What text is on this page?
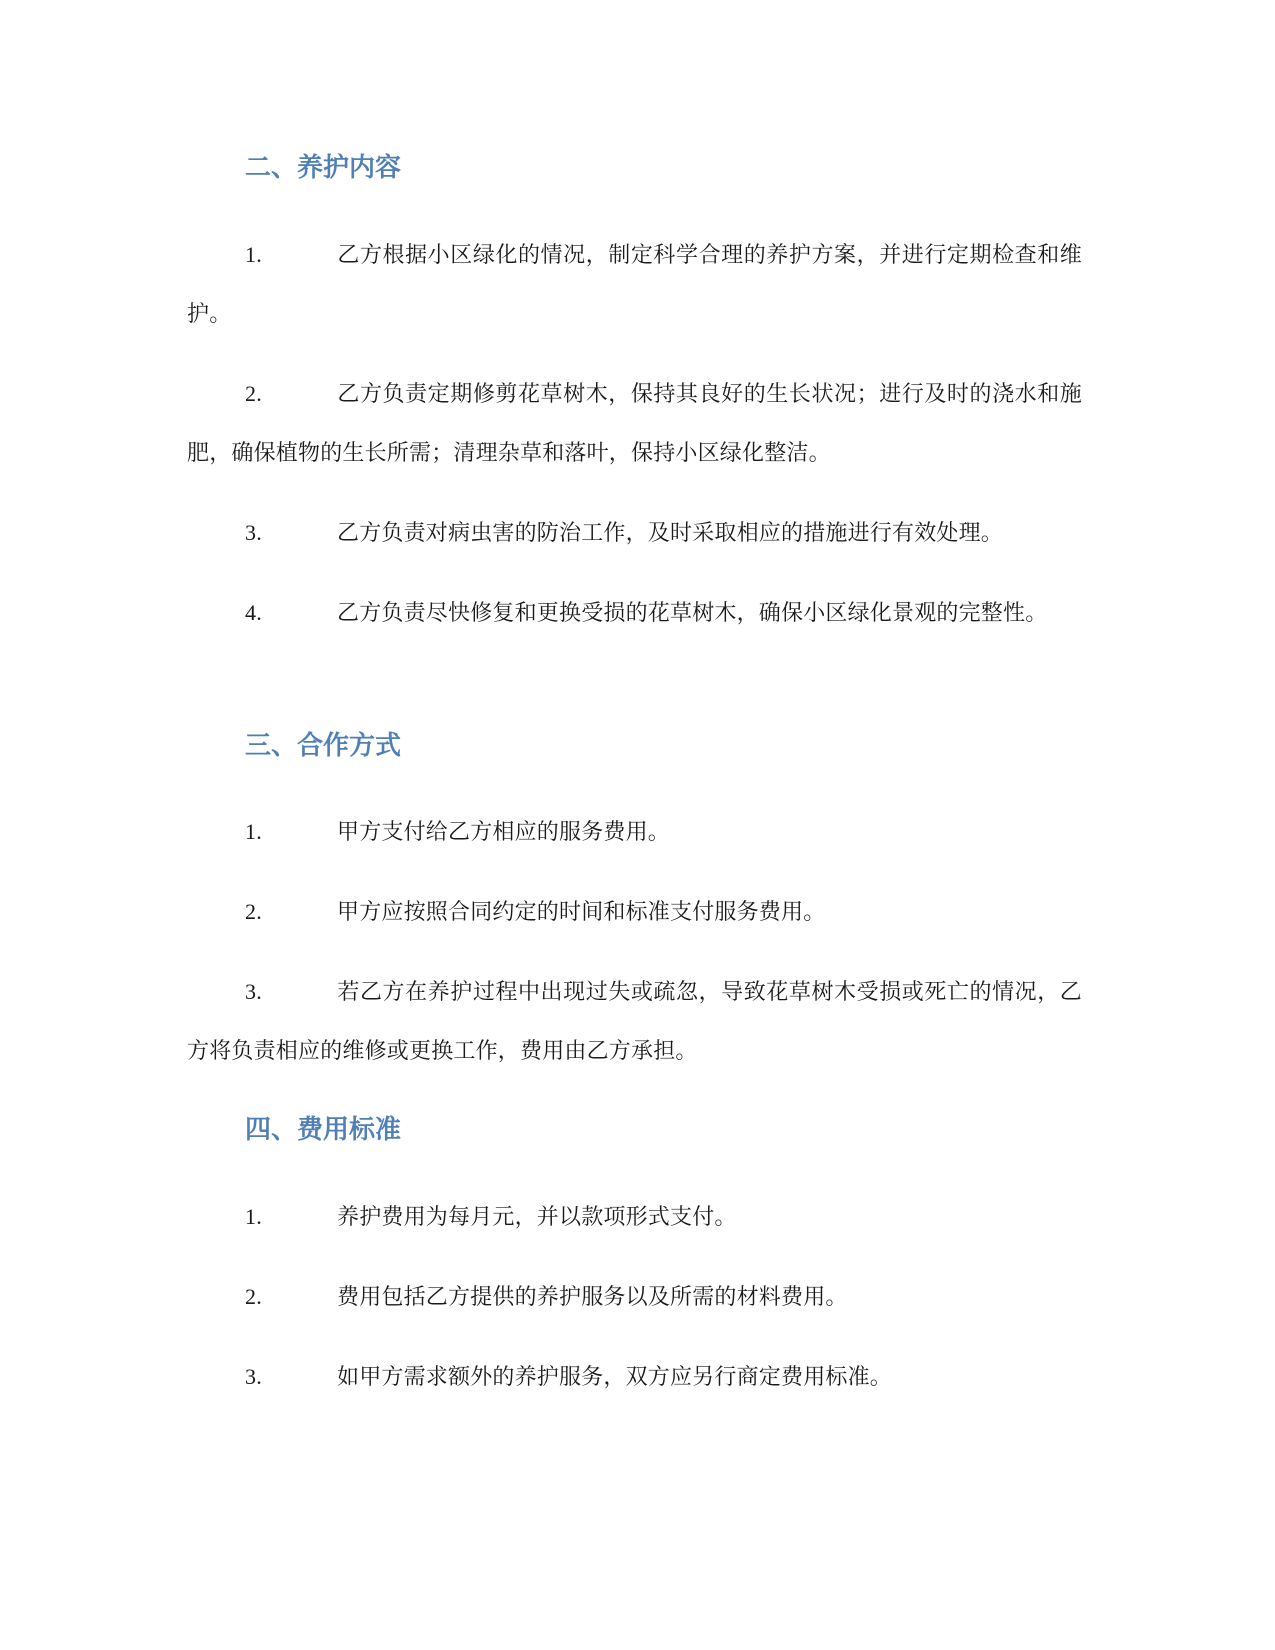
二、养护内容

1.	乙方根据小区绿化的情况，制定科学合理的养护方案，并进行定期检查和维护。

2.	乙方负责定期修剪花草树木，保持其良好的生长状况；进行及时的浇水和施肥，确保植物的生长所需；清理杂草和落叶，保持小区绿化整洁。

3.	乙方负责对病虫害的防治工作，及时采取相应的措施进行有效处理。

4.	乙方负责尽快修复和更换受损的花草树木，确保小区绿化景观的完整性。

三、合作方式

1.	甲方支付给乙方相应的服务费用。

2.	甲方应按照合同约定的时间和标准支付服务费用。

3.	若乙方在养护过程中出现过失或疏忽，导致花草树木受损或死亡的情况，乙方将负责相应的维修或更换工作，费用由乙方承担。

四、费用标准

1.	养护费用为每月元，并以款项形式支付。

2.	费用包括乙方提供的养护服务以及所需的材料费用。

3.	如甲方需求额外的养护服务，双方应另行商定费用标准。
